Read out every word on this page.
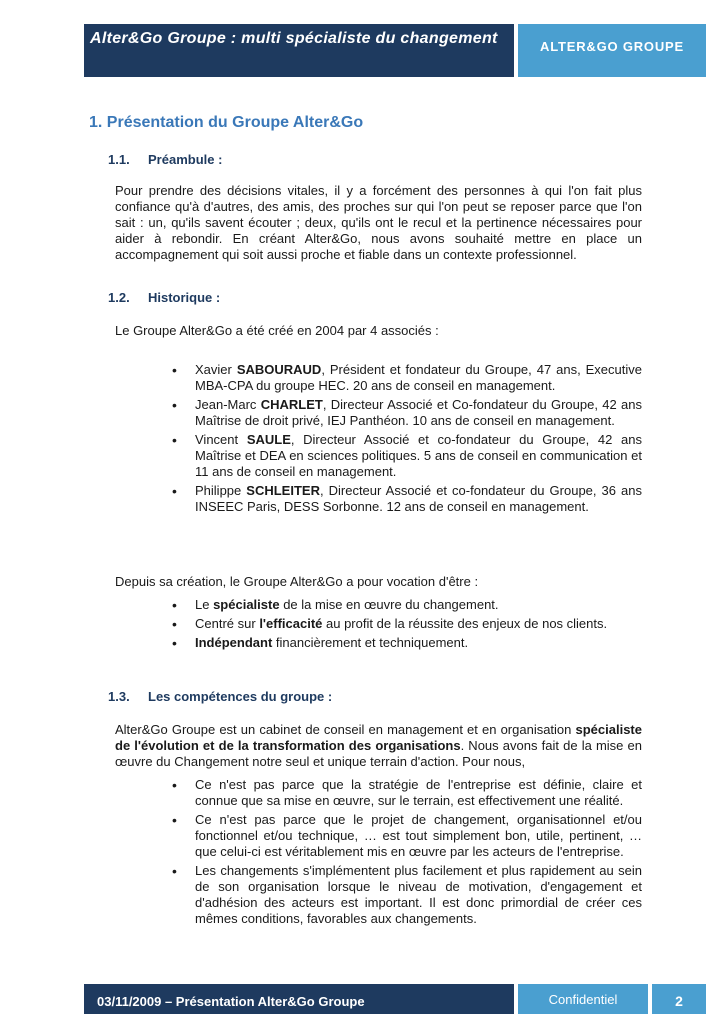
Alter&Go Groupe : multi spécialiste du changement	ALTER&GO GROUPE
1. Présentation du Groupe Alter&Go
1.1. Préambule :
Pour prendre des décisions vitales, il y a forcément des personnes à qui l'on fait plus confiance qu'à d'autres, des amis, des proches sur qui l'on peut se reposer parce que l'on sait : un, qu'ils savent écouter ; deux, qu'ils ont le recul et la pertinence nécessaires pour aider à rebondir. En créant Alter&Go, nous avons souhaité mettre en place un accompagnement qui soit aussi proche et fiable dans un contexte professionnel.
1.2. Historique :
Le Groupe Alter&Go a été créé en 2004 par 4 associés :
• Xavier SABOURAUD, Président et fondateur du Groupe, 47 ans, Executive MBA-CPA du groupe HEC. 20 ans de conseil en management.
• Jean-Marc CHARLET, Directeur Associé et Co-fondateur du Groupe, 42 ans Maîtrise de droit privé, IEJ Panthéon. 10 ans de conseil en management.
• Vincent SAULE, Directeur Associé et co-fondateur du Groupe, 42 ans Maîtrise et DEA en sciences politiques. 5 ans de conseil en communication et 11 ans de conseil en management.
• Philippe SCHLEITER, Directeur Associé et co-fondateur du Groupe, 36 ans INSEEC Paris, DESS Sorbonne. 12 ans de conseil en management.
Depuis sa création, le Groupe Alter&Go a pour vocation d'être :
• Le spécialiste de la mise en œuvre du changement.
• Centré sur l'efficacité au profit de la réussite des enjeux de nos clients.
• Indépendant financièrement et techniquement.
1.3. Les compétences du groupe :
Alter&Go Groupe est un cabinet de conseil en management et en organisation spécialiste de l'évolution et de la transformation des organisations. Nous avons fait de la mise en œuvre du Changement notre seul et unique terrain d'action. Pour nous,
• Ce n'est pas parce que la stratégie de l'entreprise est définie, claire et connue que sa mise en œuvre, sur le terrain, est effectivement une réalité.
• Ce n'est pas parce que le projet de changement, organisationnel et/ou fonctionnel et/ou technique, … est tout simplement bon, utile, pertinent, … que celui-ci est véritablement mis en œuvre par les acteurs de l'entreprise.
• Les changements s'implémentent plus facilement et plus rapidement au sein de son organisation lorsque le niveau de motivation, d'engagement et d'adhésion des acteurs est important. Il est donc primordial de créer ces mêmes conditions, favorables aux changements.
03/11/2009 – Présentation Alter&Go Groupe	Confidentiel	2
